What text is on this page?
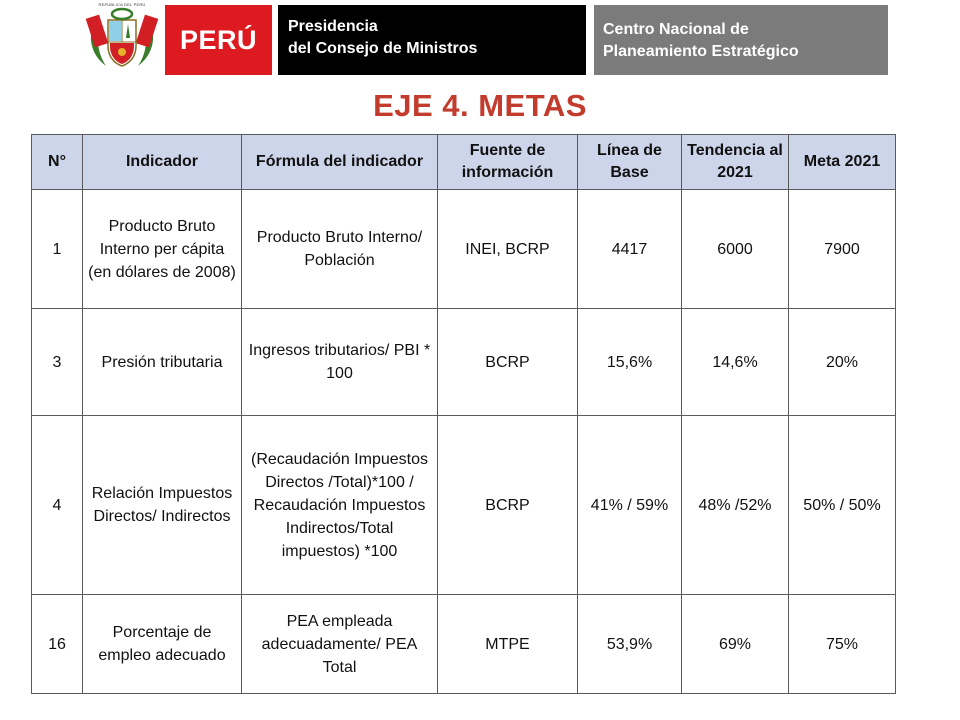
REPÚBLICA DEL PERÚ
PERÚ Presidencia
del Consejo de Ministros
Centro Nacional de
Planeamiento Estratégico
EJE 4. METAS
N°	Indicador	Fórmula del indicador	Fuente de información	Línea de Base	Tendencia al 2021	Meta 2021
1	Producto Bruto Interno per cápita (en dólares de 2008)	Producto Bruto Interno/ Población	INEI, BCRP	4417	6000	7900
3	Presión tributaria	Ingresos tributarios/ PBI * 100	BCRP	15,6%	14,6%	20%
4	Relación Impuestos Directos/ Indirectos	(Recaudación Impuestos Directos /Total)*100 / Recaudación Impuestos Indirectos/Total impuestos) *100	BCRP	41% / 59%	48% /52%	50% / 50%
16	Porcentaje de empleo adecuado	PEA empleada adecuadamente/ PEA Total	MTPE	53,9%	69%	75%
